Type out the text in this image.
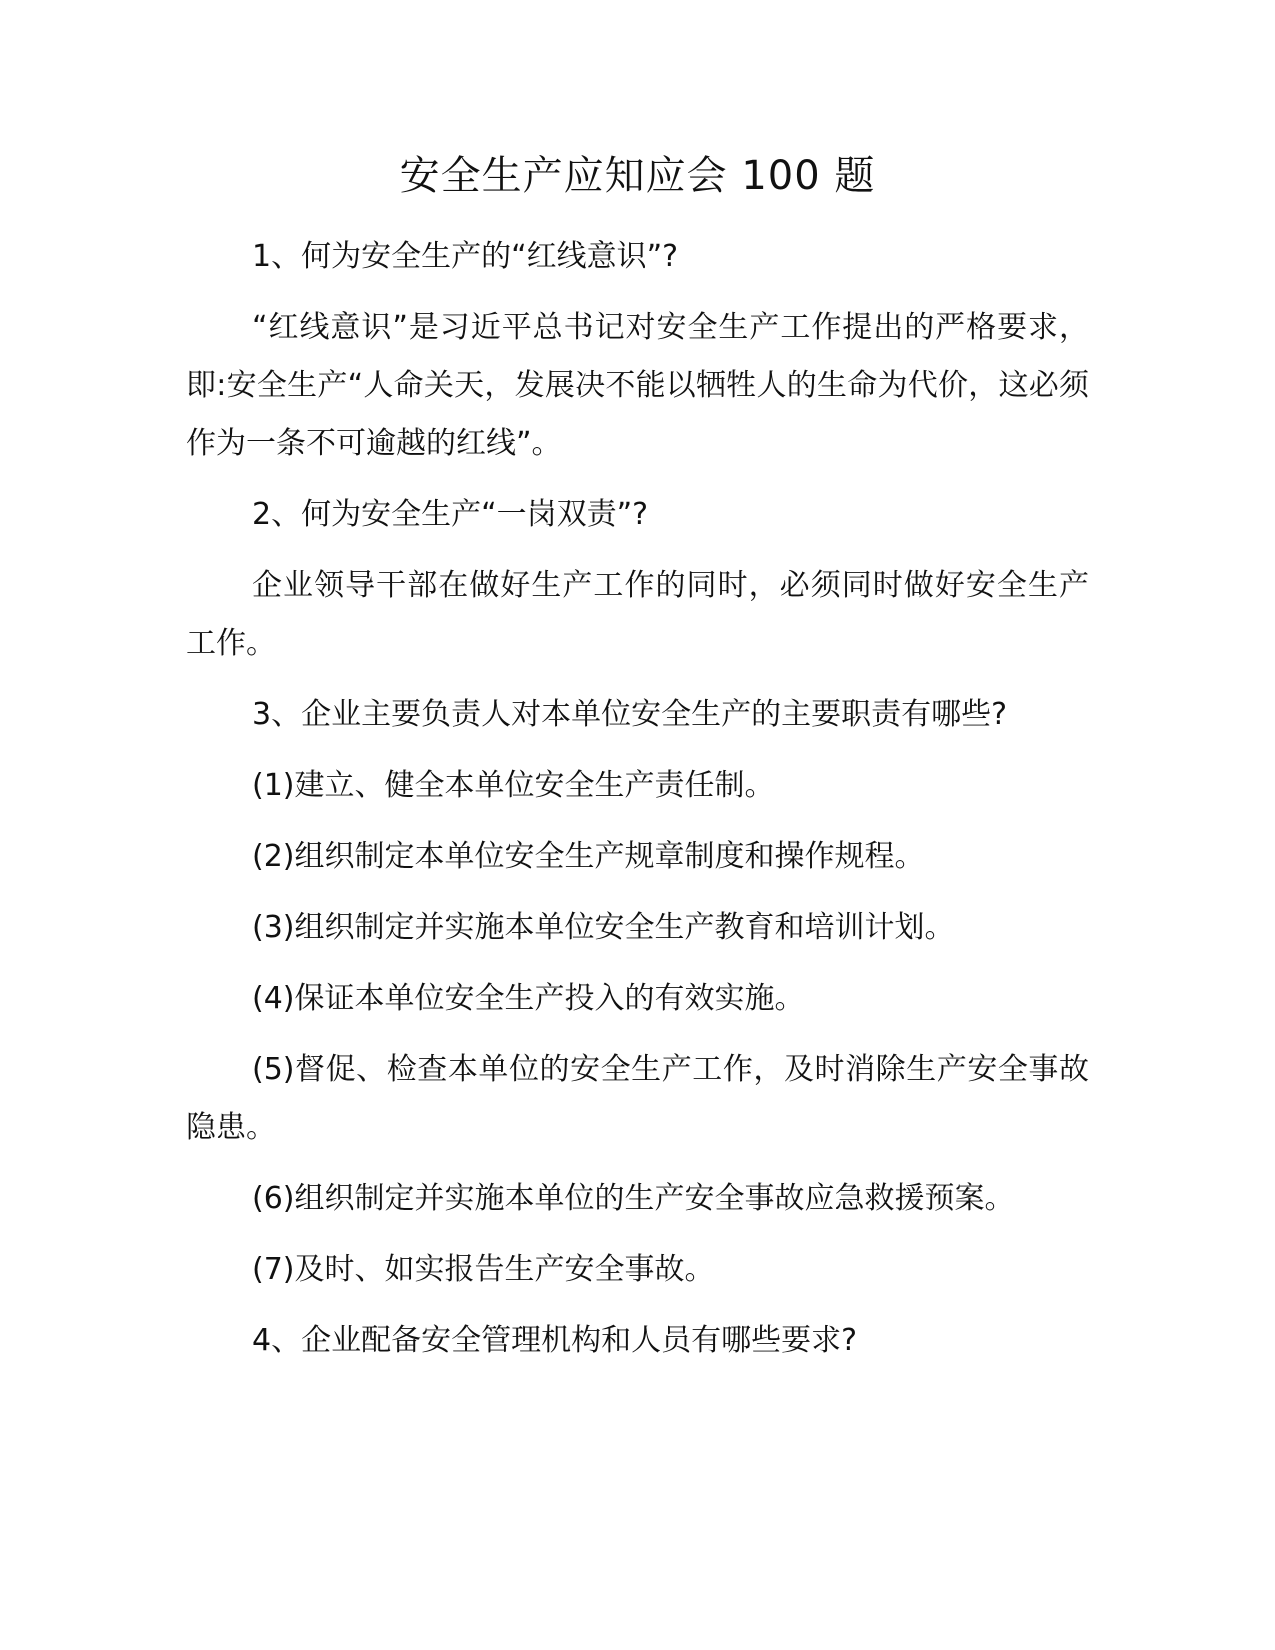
安全生产应知应会 100 题

1、何为安全生产的“红线意识”?

“红线意识”是习近平总书记对安全生产工作提出的严格要求，即:安全生产“人命关天，发展决不能以牺牲人的生命为代价，这必须作为一条不可逾越的红线”。

2、何为安全生产“一岗双责”?

企业领导干部在做好生产工作的同时，必须同时做好安全生产工作。

3、企业主要负责人对本单位安全生产的主要职责有哪些?

(1)建立、健全本单位安全生产责任制。

(2)组织制定本单位安全生产规章制度和操作规程。

(3)组织制定并实施本单位安全生产教育和培训计划。

(4)保证本单位安全生产投入的有效实施。

(5)督促、检查本单位的安全生产工作，及时消除生产安全事故隐患。

(6)组织制定并实施本单位的生产安全事故应急救援预案。

(7)及时、如实报告生产安全事故。

4、企业配备安全管理机构和人员有哪些要求?
